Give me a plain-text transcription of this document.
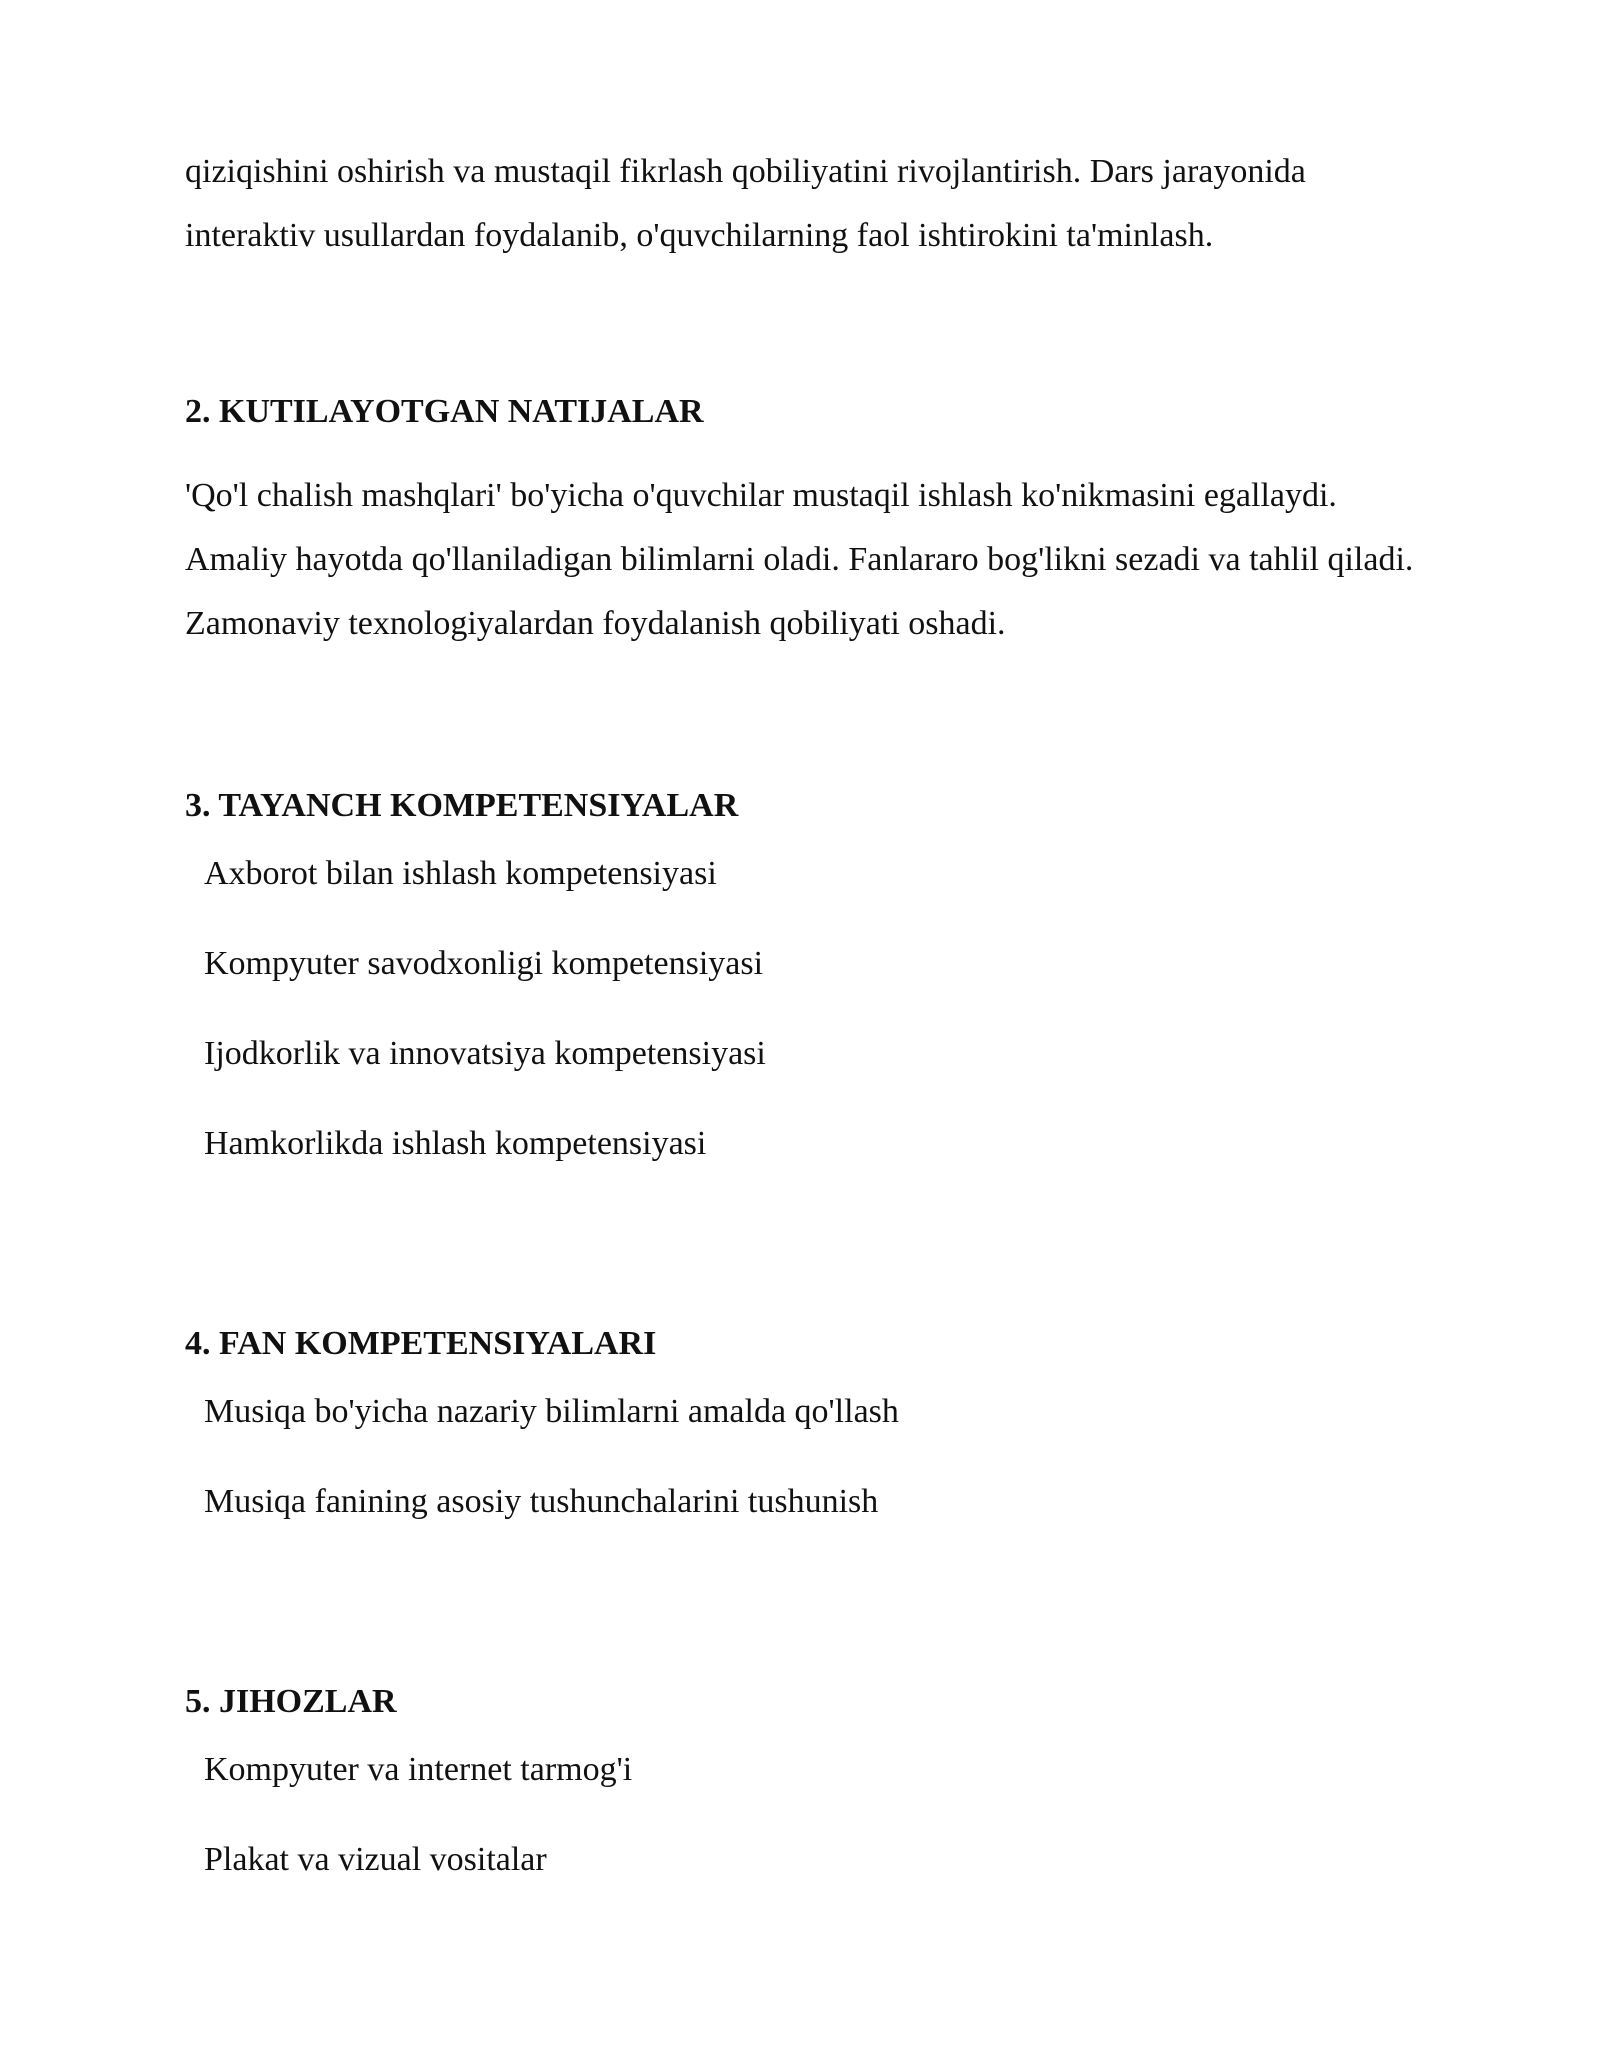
qiziqishini oshirish va mustaqil fikrlash qobiliyatini rivojlantirish. Dars jarayonida interaktiv usullardan foydalanib, o'quvchilarning faol ishtirokini ta'minlash.

2. KUTILAYOTGAN NATIJALAR

'Qo'l chalish mashqlari' bo'yicha o'quvchilar mustaqil ishlash ko'nikmasini egallaydi. Amaliy hayotda qo'llaniladigan bilimlarni oladi. Fanlararo bog'likni sezadi va tahlil qiladi. Zamonaviy texnologiyalardan foydalanish qobiliyati oshadi.

3. TAYANCH KOMPETENSIYALAR
Axborot bilan ishlash kompetensiyasi
Kompyuter savodxonligi kompetensiyasi
Ijodkorlik va innovatsiya kompetensiyasi
Hamkorlikda ishlash kompetensiyasi
4. FAN KOMPETENSIYALARI
Musiqa bo'yicha nazariy bilimlarni amalda qo'llash
Musiqa fanining asosiy tushunchalarini tushunish
5. JIHOZLAR
Kompyuter va internet tarmog'i
Plakat va vizual vositalar
